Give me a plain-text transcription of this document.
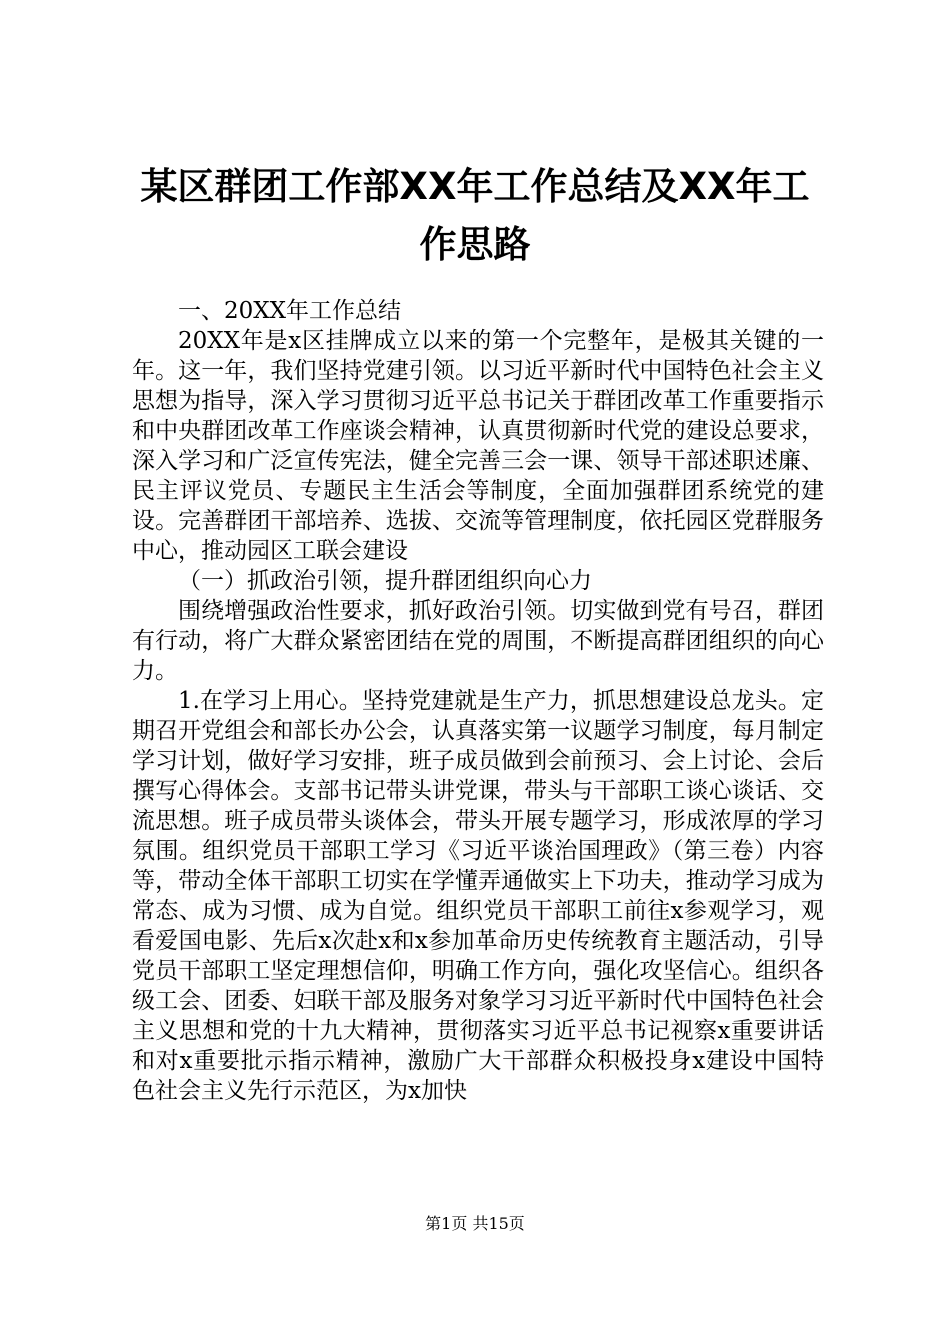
某区群团工作部XX年工作总结及XX年工作思路

一、20XX年工作总结

20XX年是x区挂牌成立以来的第一个完整年，是极其关键的一年。这一年，我们坚持党建引领。以习近平新时代中国特色社会主义思想为指导，深入学习贯彻习近平总书记关于群团改革工作重要指示和中央群团改革工作座谈会精神，认真贯彻新时代党的建设总要求，深入学习和广泛宣传宪法，健全完善三会一课、领导干部述职述廉、民主评议党员、专题民主生活会等制度，全面加强群团系统党的建设。完善群团干部培养、选拔、交流等管理制度，依托园区党群服务中心，推动园区工联会建设

（一）抓政治引领，提升群团组织向心力

围绕增强政治性要求，抓好政治引领。切实做到党有号召，群团有行动，将广大群众紧密团结在党的周围，不断提高群团组织的向心力。

1.在学习上用心。坚持党建就是生产力，抓思想建设总龙头。定期召开党组会和部长办公会，认真落实第一议题学习制度，每月制定学习计划，做好学习安排，班子成员做到会前预习、会上讨论、会后撰写心得体会。支部书记带头讲党课，带头与干部职工谈心谈话、交流思想。班子成员带头谈体会，带头开展专题学习，形成浓厚的学习氛围。组织党员干部职工学习《习近平谈治国理政》（第三卷）内容等，带动全体干部职工切实在学懂弄通做实上下功夫，推动学习成为常态、成为习惯、成为自觉。组织党员干部职工前往x参观学习，观看爱国电影、先后x次赴x和x参加革命历史传统教育主题活动，引导党员干部职工坚定理想信仰，明确工作方向，强化攻坚信心。组织各级工会、团委、妇联干部及服务对象学习习近平新时代中国特色社会主义思想和党的十九大精神，贯彻落实习近平总书记视察x重要讲话和对x重要批示指示精神，激励广大干部群众积极投身x建设中国特色社会主义先行示范区，为x加快

第1页 共15页
